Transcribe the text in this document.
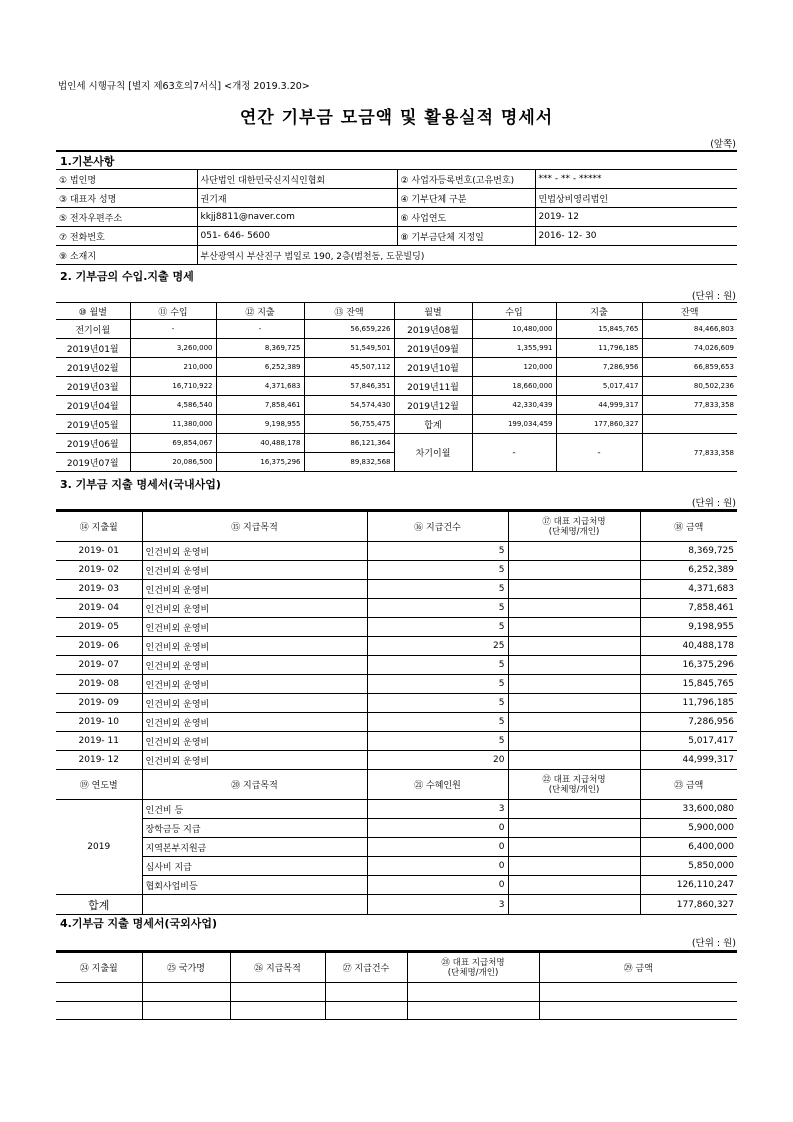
법인세 시행규칙 [별지 제63호의7서식] <개정 2019.3.20>
연간 기부금 모금액 및 활용실적 명세서
(앞쪽)
1.기본사항
① 법인명	사단법인 대한민국신지식인협회	② 사업자등록번호(고유번호)	*** - ** - *****
③ 대표자 성명	권기재	④ 기부단체 구분	민법상비영리법인
⑤ 전자우편주소	kkjj8811@naver.com	⑥ 사업연도	2019- 12
⑦ 전화번호	051- 646- 5600	⑧ 기부금단체 지정일	2016- 12- 30
⑨ 소재지	부산광역시 부산진구 범일로 190, 2층(범천동, 도문빌딩)		
2. 기부금의 수입.지출 명세
(단위 : 원)
⑩ 월별	⑪ 수입	⑫ 지출	⑬ 잔액	월별	수입	지출	잔액
전기이월	-	-	56,659,226	2019년08월	10,480,000	15,845,765	84,466,803
2019년01월	3,260,000	8,369,725	51,549,501	2019년09월	1,355,991	11,796,185	74,026,609
2019년02월	210,000	6,252,389	45,507,112	2019년10월	120,000	7,286,956	66,859,653
2019년03월	16,710,922	4,371,683	57,846,351	2019년11월	18,660,000	5,017,417	80,502,236
2019년04월	4,586,540	7,858,461	54,574,430	2019년12월	42,330,439	44,999,317	77,833,358
2019년05월	11,380,000	9,198,955	56,755,475	합계	199,034,459	177,860,327	
2019년06월	69,854,067	40,488,178	86,121,364	차기이월	-	-	77,833,358
2019년07월	20,086,500	16,375,296	89,832,568				
3. 기부금 지출 명세서(국내사업)
(단위 : 원)
⑭ 지출월	⑮ 지급목적	⑯ 지급건수	⑰ 대표 지급처명
(단체명/개인)	⑱ 금액
2019- 01	인건비외 운영비	5		8,369,725
2019- 02	인건비외 운영비	5		6,252,389
2019- 03	인건비외 운영비	5		4,371,683
2019- 04	인건비외 운영비	5		7,858,461
2019- 05	인건비외 운영비	5		9,198,955
2019- 06	인건비외 운영비	25		40,488,178
2019- 07	인건비외 운영비	5		16,375,296
2019- 08	인건비외 운영비	5		15,845,765
2019- 09	인건비외 운영비	5		11,796,185
2019- 10	인건비외 운영비	5		7,286,956
2019- 11	인건비외 운영비	5		5,017,417
2019- 12	인건비외 운영비	20		44,999,317
⑲ 연도별	⑳ 지급목적	㉑ 수혜인원	㉒ 대표 지급처명
(단체명/개인)	㉓ 금액
2019	인건비 등	3		33,600,080
	장학금등 지급	0		5,900,000
	지역본부지원금	0		6,400,000
	심사비 지급	0		5,850,000
	협회사업비등	0		126,110,247
합계		3		177,860,327
4.기부금 지출 명세서(국외사업)
(단위 : 원)
㉔ 지출월	㉕ 국가명	㉖ 지급목적	㉗ 지급건수	㉘ 대표 지급처명
(단체명/개인)	㉙ 금액
